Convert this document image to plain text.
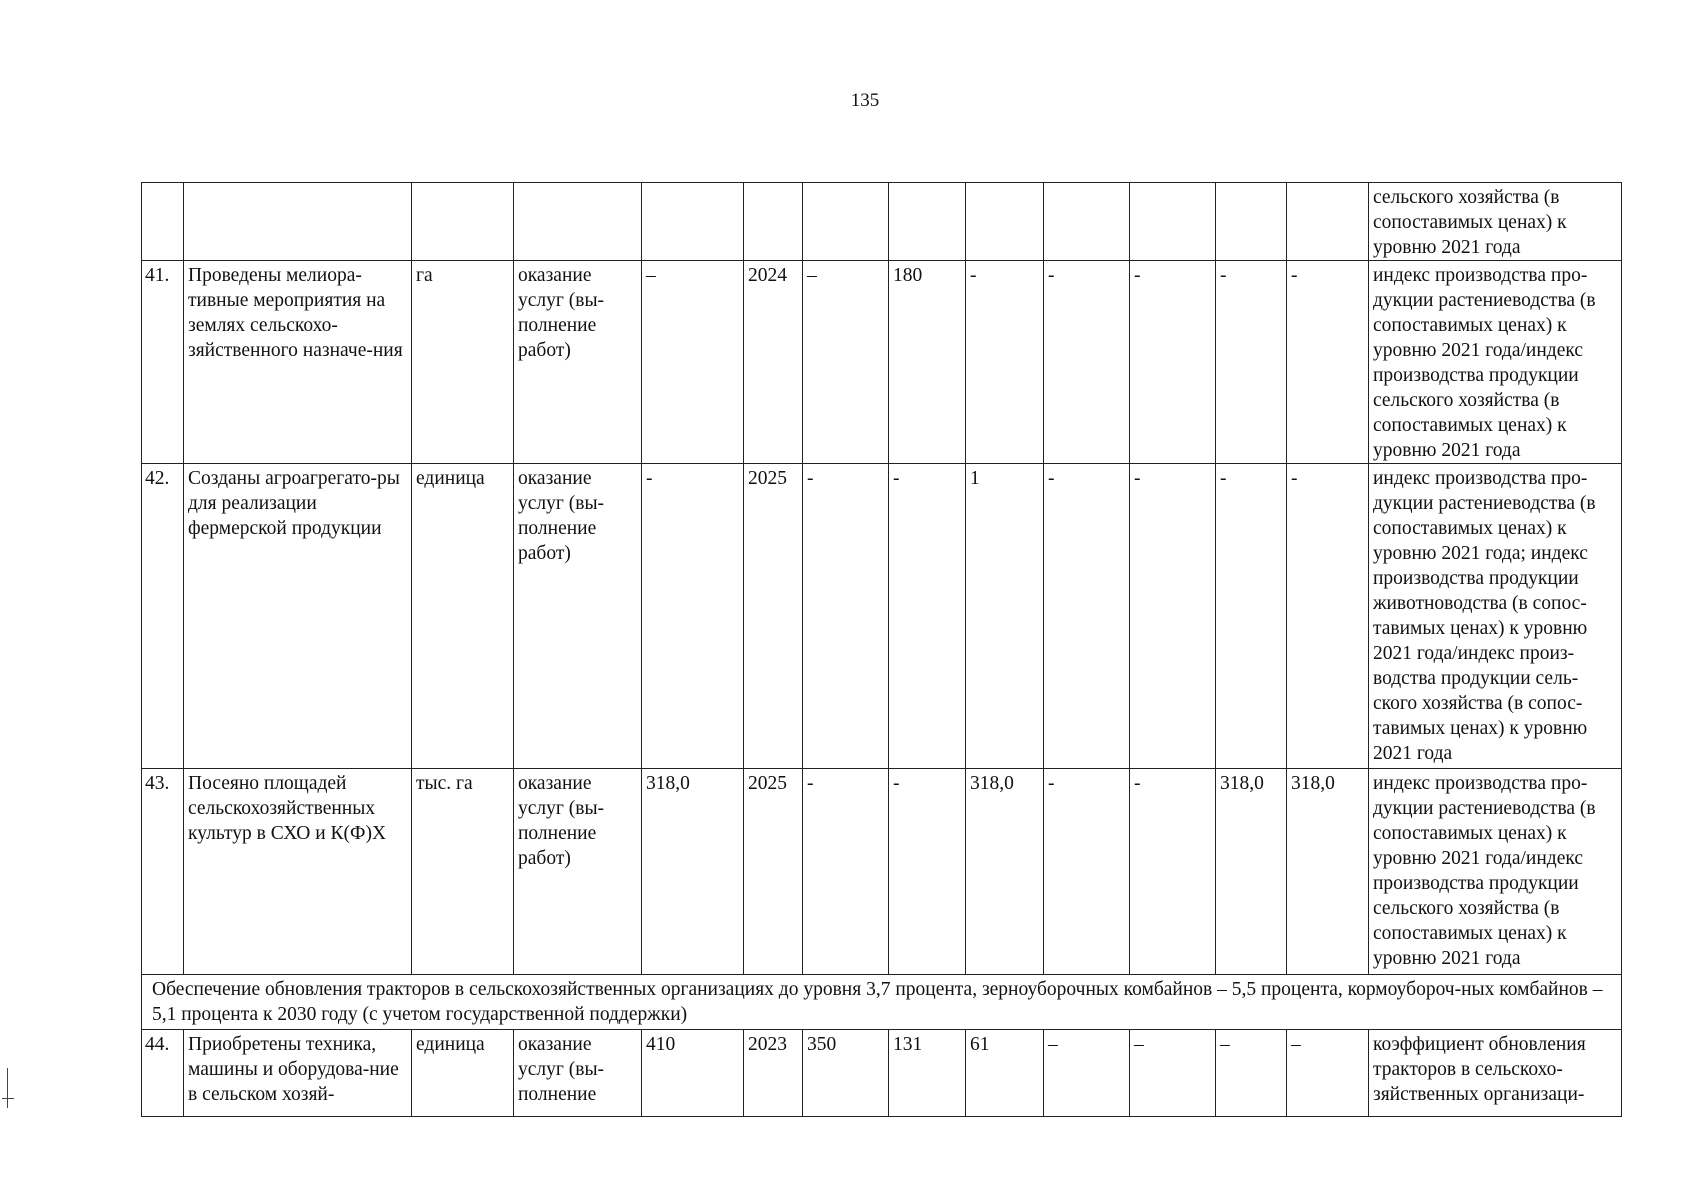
135
													сельского хозяйства (в сопоставимых ценах) к уровню 2021 года
41.	Проведены мелиора-тивные мероприятия на землях сельскохо-зяйственного назначе-ния	га	оказание услуг (вы-полнение работ)	–	2024	–	180	-	-	-	-	-	индекс производства про-дукции растениеводства (в сопоставимых ценах) к уровню 2021 года/индекс производства продукции сельского хозяйства (в сопоставимых ценах) к уровню 2021 года
42.	Созданы агроагрегато-ры для реализации фермерской продукции	единица	оказание услуг (вы-полнение работ)	-	2025	-	-	1	-	-	-	-	индекс производства про-дукции растениеводства (в сопоставимых ценах) к уровню 2021 года; индекс производства продукции животноводства (в сопос-тавимых ценах) к уровню 2021 года/индекс произ-водства продукции сель-ского хозяйства (в сопос-тавимых ценах) к уровню 2021 года
43.	Посеяно площадей сельскохозяйственных культур в СХО и К(Ф)Х	тыс. га	оказание услуг (вы-полнение работ)	318,0	2025	-	-	318,0	-	-	318,0	318,0	индекс производства про-дукции растениеводства (в сопоставимых ценах) к уровню 2021 года/индекс производства продукции сельского хозяйства (в сопоставимых ценах) к уровню 2021 года
Обеспечение обновления тракторов в сельскохозяйственных организациях до уровня 3,7 процента, зерноуборочных комбайнов – 5,5 процента, кормоубороч-ных комбайнов – 5,1 процента к 2030 году (с учетом государственной поддержки)													
44.	Приобретены техника, машины и оборудова-ние в сельском хозяй-	единица	оказание услуг (вы-полнение	410	2023	350	131	61	–	–	–	–	коэффициент обновления тракторов в сельскохо-зяйственных организаци-
